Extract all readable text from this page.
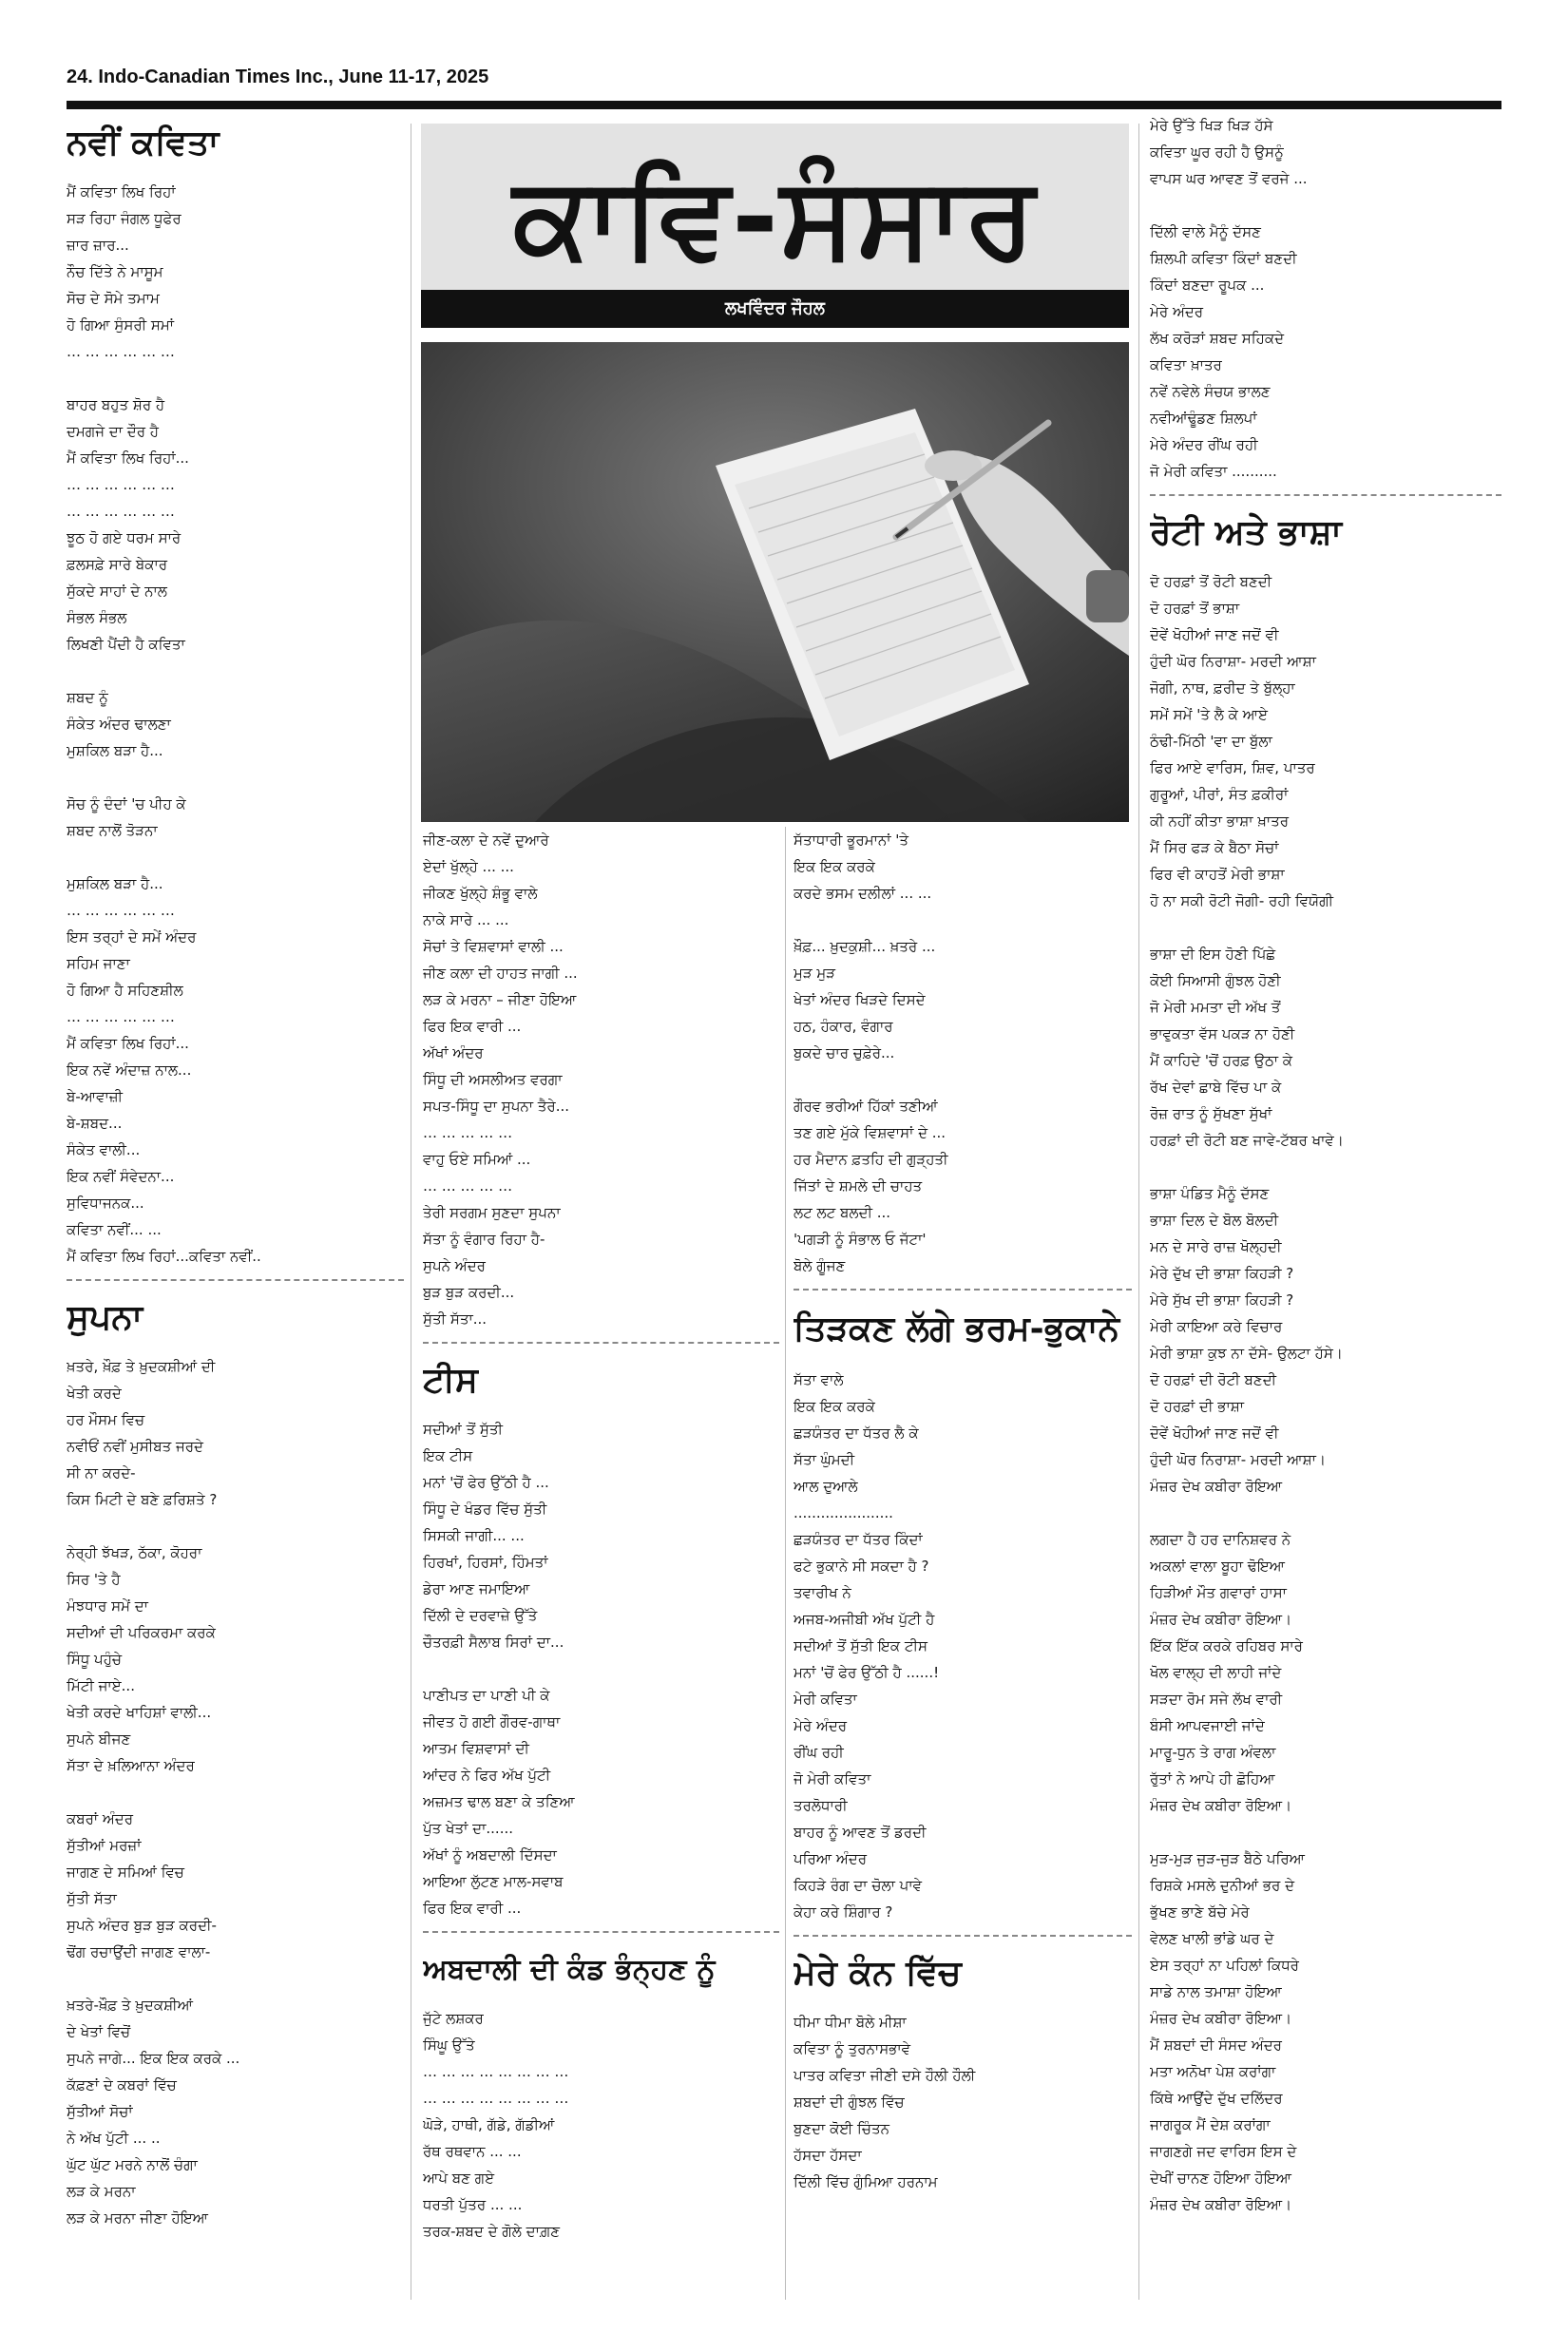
24. Indo-Canadian Times Inc., June 11-17, 2025
ਕਾਵਿ-ਸੰਸਾਰ
ਲਖਵਿੰਦਰ ਜੌਹਲ
ਨਵੀਂ ਕਵਿਤਾ
ਮੈਂ ਕਵਿਤਾ ਲਿਖ ਰਿਹਾਂ
ਸੜ ਰਿਹਾ ਜੰਗਲ ਧੂਫੇਰ
ਜ਼ਾਰ ਜ਼ਾਰ...
ਨੌਚ ਦਿੱਤੇ ਨੇ ਮਾਸੂਮ
ਸੋਚ ਦੇ ਸੋਮੇ ਤਮਾਮ
ਹੋ ਗਿਆ ਸੁੰਸਰੀ ਸਮਾਂ
… … … … … …
ਬਾਹਰ ਬਹੁਤ ਸ਼ੋਰ ਹੈ
ਦਮਗਜੇ ਦਾ ਦੌਰ ਹੈ
ਮੈਂ ਕਵਿਤਾ ਲਿਖ ਰਿਹਾਂ...
… … … … … …
… … … … … …
ਝੂਠ ਹੋ ਗਏ ਧਰਮ ਸਾਰੇ
ਫ਼ਲਸਫ਼ੇ ਸਾਰੇ ਬੇਕਾਰ
ਸੁੱਕਦੇ ਸਾਹਾਂ ਦੇ ਨਾਲ
ਸੰਭਲ ਸੰਭਲ
ਲਿਖਣੀ ਪੈਂਦੀ ਹੈ ਕਵਿਤਾ
ਸ਼ਬਦ ਨੂੰ
ਸੰਕੇਤ ਅੰਦਰ ਢਾਲਣਾ
ਮੁਸ਼ਕਿਲ ਬੜਾ ਹੈ...
ਸੋਚ ਨੂੰ ਦੰਦਾਂ 'ਚ ਪੀਹ ਕੇ
ਸ਼ਬਦ ਨਾਲੋਂ ਤੋੜਨਾ
ਮੁਸ਼ਕਿਲ ਬੜਾ ਹੈ...
… … … … … …
ਇਸ ਤਰ੍ਹਾਂ ਦੇ ਸਮੇਂ ਅੰਦਰ
ਸਹਿਮ ਜਾਣਾ
ਹੋ ਗਿਆ ਹੈ ਸਹਿਣਸ਼ੀਲ
… … … … … …
ਮੈਂ ਕਵਿਤਾ ਲਿਖ ਰਿਹਾਂ...
ਇਕ ਨਵੇਂ ਅੰਦਾਜ਼ ਨਾਲ...
ਬੇ-ਆਵਾਜ਼ੀ
ਬੇ-ਸ਼ਬਦ...
ਸੰਕੇਤ ਵਾਲੀ...
ਇਕ ਨਵੀਂ ਸੰਵੇਦਨਾ...
ਸੁਵਿਧਾਜਨਕ...
ਕਵਿਤਾ ਨਵੀਂ... ...
ਮੈਂ ਕਵਿਤਾ ਲਿਖ ਰਿਹਾਂ...ਕਵਿਤਾ ਨਵੀਂ..
ਸੁਪਨਾ
ਖ਼ਤਰੇ, ਖ਼ੌਫ਼ ਤੇ ਖ਼ੁਦਕਸ਼ੀਆਂ ਦੀ
ਖੇਤੀ ਕਰਦੇ
ਹਰ ਮੌਸਮ ਵਿਚ
ਨਵੀਓਂ ਨਵੀਂ ਮੁਸੀਬਤ ਜਰਦੇ
ਸੀ ਨਾ ਕਰਦੇ-
ਕਿਸ ਮਿਟੀ ਦੇ ਬਣੇ ਫ਼ਰਿਸ਼ਤੇ ?
ਨੇਰ੍ਹੀ ਝੱਖੜ, ਠੱਕਾ, ਕੋਹਰਾ
ਸਿਰ 'ਤੇ ਹੈ
ਮੰਝਧਾਰ ਸਮੇਂ ਦਾ
ਸਦੀਆਂ ਦੀ ਪਰਿਕਰਮਾ ਕਰਕੇ
ਸਿੰਧੂ ਪਹੁੰਚੇ
ਮਿੱਟੀ ਜਾਏ...
ਖੇਤੀ ਕਰਦੇ ਖਾਹਿਸ਼ਾਂ ਵਾਲੀ...
ਸੁਪਨੇ ਬੀਜਣ
ਸੱਤਾ ਦੇ ਖ਼ਲਿਆਨਾ ਅੰਦਰ
ਕਬਰਾਂ ਅੰਦਰ
ਸੁੱਤੀਆਂ ਮਰਜ਼ਾਂ
ਜਾਗਣ ਦੇ ਸਮਿਆਂ ਵਿਚ
ਸੁੱਤੀ ਸੱਤਾ
ਸੁਪਨੇ ਅੰਦਰ ਬੁੜ ਬੁੜ ਕਰਦੀ-
ਢੋਂਗ ਰਚਾਉਂਦੀ ਜਾਗਣ ਵਾਲਾ-
ਖ਼ਤਰੇ-ਖ਼ੌਫ਼ ਤੇ ਖ਼ੁਦਕਸ਼ੀਆਂ
ਦੇ ਖੇਤਾਂ ਵਿਚੋਂ
ਸੁਪਨੇ ਜਾਗੇ... ਇਕ ਇਕ ਕਰਕੇ ...
ਕੱਫ਼ਣਾਂ ਦੇ ਕਬਰਾਂ ਵਿੱਚ
ਸੁੱਤੀਆਂ ਸੋਚਾਂ
ਨੇ ਅੱਖ ਪੁੱਟੀ ... ..
ਘੁੱਟ ਘੁੱਟ ਮਰਨੇ ਨਾਲੋਂ ਚੰਗਾ
ਲੜ ਕੇ ਮਰਨਾ
ਲੜ ਕੇ ਮਰਨਾ ਜੀਣਾ ਹੋਇਆ
ਜੀਣ-ਕਲਾ ਦੇ ਨਵੇਂ ਦੁਆਰੇ
ਏਦਾਂ ਖੁੱਲ੍ਹੇ ... ...
ਜੀਕਣ ਖੁੱਲ੍ਹੇ ਸ਼ੰਭੂ ਵਾਲੇ
ਨਾਕੇ ਸਾਰੇ ... ...
ਸੋਚਾਂ ਤੇ ਵਿਸ਼ਵਾਸਾਂ ਵਾਲੀ ...
ਜੀਣ ਕਲਾ ਦੀ ਹਾਹਤ ਜਾਗੀ ...
ਲੜ ਕੇ ਮਰਨਾ – ਜੀਣਾ ਹੋਇਆ
ਫਿਰ ਇਕ ਵਾਰੀ ...
ਅੱਖਾਂ ਅੰਦਰ
ਸਿੰਧੂ ਦੀ ਅਸਲੀਅਤ ਵਰਗਾ
ਸਪਤ-ਸਿੰਧੂ ਦਾ ਸੁਪਨਾ ਤੈਰੇ...
… … … … …
ਵਾਹੁ ਓਏ ਸਮਿਆਂ ...
… … … … …
ਤੇਰੀ ਸਰਗਮ ਸੁਣਦਾ ਸੁਪਨਾ
ਸੱਤਾ ਨੂੰ ਵੰਗਾਰ ਰਿਹਾ ਹੈ-
ਸੁਪਨੇ ਅੰਦਰ
ਬੁੜ ਬੁੜ ਕਰਦੀ...
ਸੁੱਤੀ ਸੱਤਾ...
ਟੀਸ
ਸਦੀਆਂ ਤੋਂ ਸੁੱਤੀ
ਇਕ ਟੀਸ
ਮਨਾਂ 'ਚੋਂ ਫੇਰ ਉੱਠੀ ਹੈ ...
ਸਿੰਧੂ ਦੇ ਖੰਡਰ ਵਿੱਚ ਸੁੱਤੀ
ਸਿਸਕੀ ਜਾਗੀ... ...
ਹਿਰਖਾਂ, ਹਿਰਸਾਂ, ਹਿੰਮਤਾਂ
ਡੇਰਾ ਆਣ ਜਮਾਇਆ
ਦਿੱਲੀ ਦੇ ਦਰਵਾਜ਼ੇ ਉੱਤੇ
ਚੌਤਰਫ਼ੀ ਸੈਲਾਬ ਸਿਰਾਂ ਦਾ...
ਪਾਣੀਪਤ ਦਾ ਪਾਣੀ ਪੀ ਕੇ
ਜੀਵਤ ਹੋ ਗਈ ਗੌਰਵ-ਗਾਥਾ
ਆਤਮ ਵਿਸ਼ਵਾਸਾਂ ਦੀ
ਆਂਦਰ ਨੇ ਫਿਰ ਅੱਖ ਪੁੱਟੀ
ਅਜ਼ਮਤ ਢਾਲ ਬਣਾ ਕੇ ਤਣਿਆ
ਪੁੱਤ ਖੇਤਾਂ ਦਾ......
ਅੱਖਾਂ ਨੂੰ ਅਬਦਾਲੀ ਦਿੱਸਦਾ
ਆਇਆ ਲੁੱਟਣ ਮਾਲ-ਸਵਾਬ
ਫਿਰ ਇਕ ਵਾਰੀ ...
ਅਬਦਾਲੀ ਦੀ ਕੰਡ ਭੰਨ੍ਹਣ ਨੂੰ
ਜੁੱਟੇ ਲਸ਼ਕਰ
ਸਿੰਘੂ ਉੱਤੇ
… … … … … … … …
… … … … … … … …
ਘੋੜੇ, ਹਾਥੀ, ਗੱਡੇ, ਗੱਡੀਆਂ
ਰੱਥ ਰਥਵਾਨ ... ...
ਆਪੇ ਬਣ ਗਏ
ਧਰਤੀ ਪੁੱਤਰ ... ...
ਤਰਕ-ਸ਼ਬਦ ਦੇ ਗੋਲੇ ਦਾਗ਼ਣ
ਸੱਤਾਧਾਰੀ ਭੂਰਮਾਨਾਂ 'ਤੇ
ਇਕ ਇਕ ਕਰਕੇ
ਕਰਦੇ ਭਸਮ ਦਲੀਲਾਂ ... ...
ਖ਼ੌਫ਼... ਖ਼ੁਦਕੁਸ਼ੀ... ਖ਼ਤਰੇ ...
ਮੁੜ ਮੁੜ
ਖੇਤਾਂ ਅੰਦਰ ਖਿੜਦੇ ਦਿਸਦੇ
ਹਠ, ਹੰਕਾਰ, ਵੰਗਾਰ
ਬੁਕਦੇ ਚਾਰ ਚੁਫ਼ੇਰੇ...
ਗੌਰਵ ਭਰੀਆਂ ਹਿੱਕਾਂ ਤਣੀਆਂ
ਤਣ ਗਏ ਮੁੱਕੇ ਵਿਸ਼ਵਾਸਾਂ ਦੇ ...
ਹਰ ਮੈਦਾਨ ਫ਼ਤਹਿ ਦੀ ਗੁੜ੍ਹਤੀ
ਜਿੱਤਾਂ ਦੇ ਸ਼ਮਲੇ ਦੀ ਚਾਹਤ
ਲਟ ਲਟ ਬਲਦੀ ...
'ਪਗੜੀ ਨੂੰ ਸੰਭਾਲ ਓ ਜੱਟਾ'
ਬੋਲੇ ਗੂੰਜਣ
ਤਿੜਕਣ ਲੱਗੇ ਭਰਮ-ਭੁਕਾਨੇ
ਸੱਤਾ ਵਾਲੇ
ਇਕ ਇਕ ਕਰਕੇ
ਛੜਯੰਤਰ ਦਾ ਧੱਤਰ ਲੈ ਕੇ
ਸੱਤਾ ਘੁੰਮਦੀ
ਆਲ ਦੁਆਲੇ
......................
ਛੜਯੰਤਰ ਦਾ ਧੱਤਰ ਕਿੰਦਾਂ
ਫਟੇ ਭੁਕਾਨੇ ਸੀ ਸਕਦਾ ਹੈ ?
ਤਵਾਰੀਖ ਨੇ
ਅਜਬ-ਅਜੀਬੀ ਅੱਖ ਪੁੱਟੀ ਹੈ
ਸਦੀਆਂ ਤੋਂ ਸੁੱਤੀ ਇਕ ਟੀਸ
ਮਨਾਂ 'ਚੋਂ ਫੇਰ ਉੱਠੀ ਹੈ ......!
ਮੇਰੀ ਕਵਿਤਾ
ਮੇਰੇ ਅੰਦਰ
ਰੀਂਘ ਰਹੀ
ਜੋ ਮੇਰੀ ਕਵਿਤਾ
ਤਰਲੋਧਾਰੀ
ਬਾਹਰ ਨੂੰ ਆਵਣ ਤੋਂ ਡਰਦੀ
ਪਰਿਆ ਅੰਦਰ
ਕਿਹੜੇ ਰੰਗ ਦਾ ਚੋਲਾ ਪਾਵੇ
ਕੇਹਾ ਕਰੇ ਸ਼ਿੰਗਾਰ ?
ਮੇਰੇ ਕੰਨ ਵਿੱਚ
ਧੀਮਾ ਧੀਮਾ ਬੋਲੇ ਮੀਸ਼ਾ
ਕਵਿਤਾ ਨੂੰ ਤੁਰਨਾਸਭਾਵੇ
ਪਾਤਰ ਕਵਿਤਾ ਜੀਣੀ ਦਸੇ ਹੌਲੀ ਹੌਲੀ
ਸ਼ਬਦਾਂ ਦੀ ਗੁੰਝਲ ਵਿੱਚ
ਬੁਣਦਾ ਕੋਈ ਚਿੰਤਨ
ਹੱਸਦਾ ਹੱਸਦਾ
ਦਿੱਲੀ ਵਿੱਚ ਗੁੰਮਿਆ ਹਰਨਾਮ
ਮੇਰੇ ਉੱਤੇ ਖਿੜ ਖਿੜ ਹੱਸੇ
ਕਵਿਤਾ ਘੂਰ ਰਹੀ ਹੈ ਉਸਨੂੰ
ਵਾਪਸ ਘਰ ਆਵਣ ਤੋਂ ਵਰਜੇ ...
ਦਿੱਲੀ ਵਾਲੇ ਮੈਨੂੰ ਦੱਸਣ
ਸ਼ਿਲਪੀ ਕਵਿਤਾ ਕਿੰਦਾਂ ਬਣਦੀ
ਕਿੰਦਾਂ ਬਣਦਾ ਰੂਪਕ ...
ਮੇਰੇ ਅੰਦਰ
ਲੱਖ ਕਰੋੜਾਂ ਸ਼ਬਦ ਸਹਿਕਦੇ
ਕਵਿਤਾ ਖ਼ਾਤਰ
ਨਵੇਂ ਨਵੇਲੇ ਸੰਚਯ ਭਾਲਣ
ਨਵੀਆਂਢੂੰਡਣ ਸ਼ਿਲਪਾਂ
ਮੇਰੇ ਅੰਦਰ ਰੀਂਘ ਰਹੀ
ਜੋ ਮੇਰੀ ਕਵਿਤਾ ..........
ਰੋਟੀ ਅਤੇ ਭਾਸ਼ਾ
ਦੋ ਹਰਫ਼ਾਂ ਤੋਂ ਰੋਟੀ ਬਣਦੀ
ਦੋ ਹਰਫ਼ਾਂ ਤੋਂ ਭਾਸ਼ਾ
ਦੋਵੇਂ ਖੋਹੀਆਂ ਜਾਣ ਜਦੋਂ ਵੀ
ਹੁੰਦੀ ਘੋਰ ਨਿਰਾਸ਼ਾ- ਮਰਦੀ ਆਸ਼ਾ
ਜੋਗੀ, ਨਾਥ, ਫ਼ਰੀਦ ਤੇ ਬੁੱਲ੍ਹਾ
ਸਮੇਂ ਸਮੇਂ 'ਤੇ ਲੈ ਕੇ ਆਏ
ਠੰਢੀ-ਮਿੱਠੀ 'ਵਾ ਦਾ ਬੁੱਲਾ
ਫਿਰ ਆਏ ਵਾਰਿਸ, ਸ਼ਿਵ, ਪਾਤਰ
ਗੁਰੂਆਂ, ਪੀਰਾਂ, ਸੰਤ ਫ਼ਕੀਰਾਂ
ਕੀ ਨਹੀਂ ਕੀਤਾ ਭਾਸ਼ਾ ਖ਼ਾਤਰ
ਮੈਂ ਸਿਰ ਫੜ ਕੇ ਬੈਠਾ ਸੋਚਾਂ
ਫਿਰ ਵੀ ਕਾਹਤੋਂ ਮੇਰੀ ਭਾਸ਼ਾ
ਹੋ ਨਾ ਸਕੀ ਰੋਟੀ ਜੋਗੀ- ਰਹੀ ਵਿਯੋਗੀ
ਭਾਸ਼ਾ ਦੀ ਇਸ ਹੋਣੀ ਪਿੱਛੇ
ਕੋਈ ਸਿਆਸੀ ਗੁੰਝਲ ਹੋਣੀ
ਜੋ ਮੇਰੀ ਮਮਤਾ ਦੀ ਅੱਖ ਤੋਂ
ਭਾਵੁਕਤਾ ਵੱਸ ਪਕੜ ਨਾ ਹੋਣੀ
ਮੈਂ ਕਾਹਿਦੇ 'ਚੋਂ ਹਰਫ਼ ਉਠਾ ਕੇ
ਰੱਖ ਦੇਵਾਂ ਛਾਬੇ ਵਿੱਚ ਪਾ ਕੇ
ਰੋਜ਼ ਰਾਤ ਨੂੰ ਸੁੱਖਣਾ ਸੁੱਖਾਂ
ਹਰਫ਼ਾਂ ਦੀ ਰੋਟੀ ਬਣ ਜਾਵੇ-ਟੱਬਰ ਖਾਵੇ।
ਭਾਸ਼ਾ ਪੰਡਿਤ ਮੈਨੂੰ ਦੱਸਣ
ਭਾਸ਼ਾ ਦਿਲ ਦੇ ਬੋਲ ਬੋਲਦੀ
ਮਨ ਦੇ ਸਾਰੇ ਰਾਜ਼ ਖੋਲ੍ਹਦੀ
ਮੇਰੇ ਦੁੱਖ ਦੀ ਭਾਸ਼ਾ ਕਿਹੜੀ ?
ਮੇਰੇ ਸੁੱਖ ਦੀ ਭਾਸ਼ਾ ਕਿਹੜੀ ?
ਮੇਰੀ ਕਾਇਆ ਕਰੇ ਵਿਚਾਰ
ਮੇਰੀ ਭਾਸ਼ਾ ਕੁਝ ਨਾ ਦੱਸੇ- ਉਲਟਾ ਹੱਸੇ।
ਦੋ ਹਰਫ਼ਾਂ ਦੀ ਰੋਟੀ ਬਣਦੀ
ਦੋ ਹਰਫ਼ਾਂ ਦੀ ਭਾਸ਼ਾ
ਦੋਵੇਂ ਖੋਹੀਆਂ ਜਾਣ ਜਦੋਂ ਵੀ
ਹੁੰਦੀ ਘੋਰ ਨਿਰਾਸ਼ਾ- ਮਰਦੀ ਆਸ਼ਾ।
ਮੰਜ਼ਰ ਦੇਖ ਕਬੀਰਾ ਰੋਇਆ
ਲਗਦਾ ਹੈ ਹਰ ਦਾਨਿਸ਼ਵਰ ਨੇ
ਅਕਲਾਂ ਵਾਲਾ ਬੂਹਾ ਢੋਇਆ
ਹਿੜੀਆਂ ਮੌਤ ਗਵਾਰਾਂ ਹਾਸਾ
ਮੰਜ਼ਰ ਦੇਖ ਕਬੀਰਾ ਰੋਇਆ।
ਇੱਕ ਇੱਕ ਕਰਕੇ ਰਹਿਬਰ ਸਾਰੇ
ਖੋਲ ਵਾਲ੍ਹ ਦੀ ਲਾਹੀ ਜਾਂਦੇ
ਸੜਦਾ ਰੋਮ ਸਜੇ ਲੱਖ ਵਾਰੀ
ਬੰਸੀ ਆਪਵਜਾਈ ਜਾਂਦੇ
ਮਾਰੂ-ਧੁਨ ਤੇ ਰਾਗ ਅੰਵਲਾ
ਰੁੱਤਾਂ ਨੇ ਆਪੇ ਹੀ ਛੋਹਿਆ
ਮੰਜ਼ਰ ਦੇਖ ਕਬੀਰਾ ਰੋਇਆ।
ਮੁੜ-ਮੁੜ ਜੁੜ-ਜੁੜ ਬੈਠੇ ਪਰਿਆ
ਰਿਸ਼ਕੇ ਮਸਲੇ ਦੁਨੀਆਂ ਭਰ ਦੇ
ਭੁੱਖਣ ਭਾਣੇ ਬੱਚੇ ਮੇਰੇ
ਵੇਲਣ ਖਾਲੀ ਭਾਂਡੇ ਘਰ ਦੇ
ਏਸ ਤਰ੍ਹਾਂ ਨਾ ਪਹਿਲਾਂ ਕਿਧਰੇ
ਸਾਡੇ ਨਾਲ ਤਮਾਸ਼ਾ ਹੋਇਆ
ਮੰਜ਼ਰ ਦੇਖ ਕਬੀਰਾ ਰੋਇਆ।
ਮੈਂ ਸ਼ਬਦਾਂ ਦੀ ਸੰਸਦ ਅੰਦਰ
ਮਤਾ ਅਨੋਖਾ ਪੇਸ਼ ਕਰਾਂਗਾ
ਕਿੱਥੇ ਆਉਂਦੇ ਦੁੱਖ ਦਲਿੱਦਰ
ਜਾਗਰੂਕ ਮੈਂ ਦੇਸ਼ ਕਰਾਂਗਾ
ਜਾਗਣਗੇ ਜਦ ਵਾਰਿਸ ਇਸ ਦੇ
ਦੇਖੀਂ ਚਾਨਣ ਹੋਇਆ ਹੋਇਆ
ਮੰਜ਼ਰ ਦੇਖ ਕਬੀਰਾ ਰੋਇਆ।
